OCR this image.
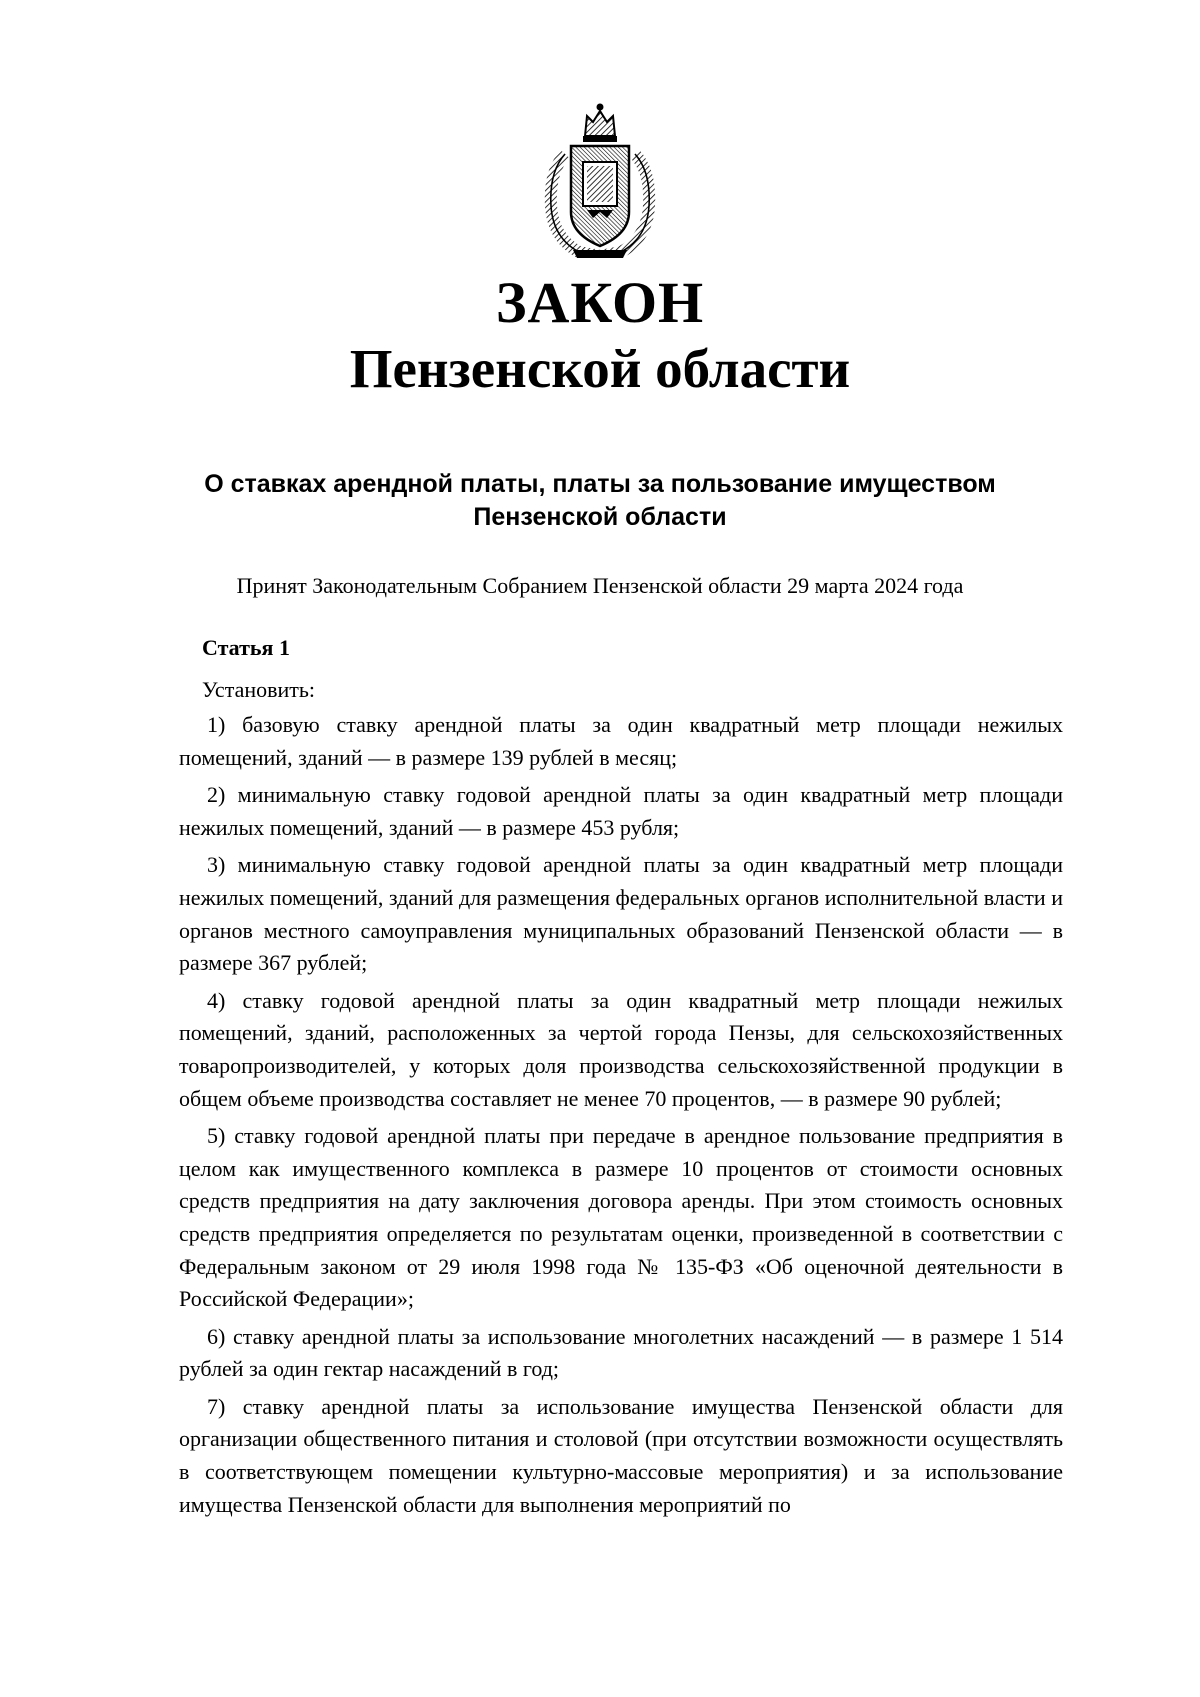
ЗАКОН
Пензенской области
О ставках арендной платы, платы за пользование имуществом
Пензенской области
Принят Законодательным Собранием Пензенской области 29 марта 2024 года
Статья 1
Установить:

1) базовую ставку арендной платы за один квадратный метр площади нежилых помещений, зданий — в размере 139 рублей в месяц;

2) минимальную ставку годовой арендной платы за один квадратный метр площади нежилых помещений, зданий — в размере 453 рубля;

3) минимальную ставку годовой арендной платы за один квадратный метр площади нежилых помещений, зданий для размещения федеральных органов исполнительной власти и органов местного самоуправления муниципальных образований Пензенской области — в размере 367 рублей;

4) ставку годовой арендной платы за один квадратный метр площади нежилых помещений, зданий, расположенных за чертой города Пензы, для сельскохозяйственных товаропроизводителей, у которых доля производства сельскохозяйственной продукции в общем объеме производства составляет не менее 70 процентов, — в размере 90 рублей;

5) ставку годовой арендной платы при передаче в арендное пользование предприятия в целом как имущественного комплекса в размере 10 процентов от стоимости основных средств предприятия на дату заключения договора аренды. При этом стоимость основных средств предприятия определяется по результатам оценки, произведенной в соответствии с Федеральным законом от 29 июля 1998 года № 135-ФЗ «Об оценочной деятельности в Российской Федерации»;

6) ставку арендной платы за использование многолетних насаждений — в размере 1 514 рублей за один гектар насаждений в год;

7) ставку арендной платы за использование имущества Пензенской области для организации общественного питания и столовой (при отсутствии возможности осуществлять в соответствующем помещении культурно-массовые мероприятия) и за использование имущества Пензенской области для выполнения мероприятий по
